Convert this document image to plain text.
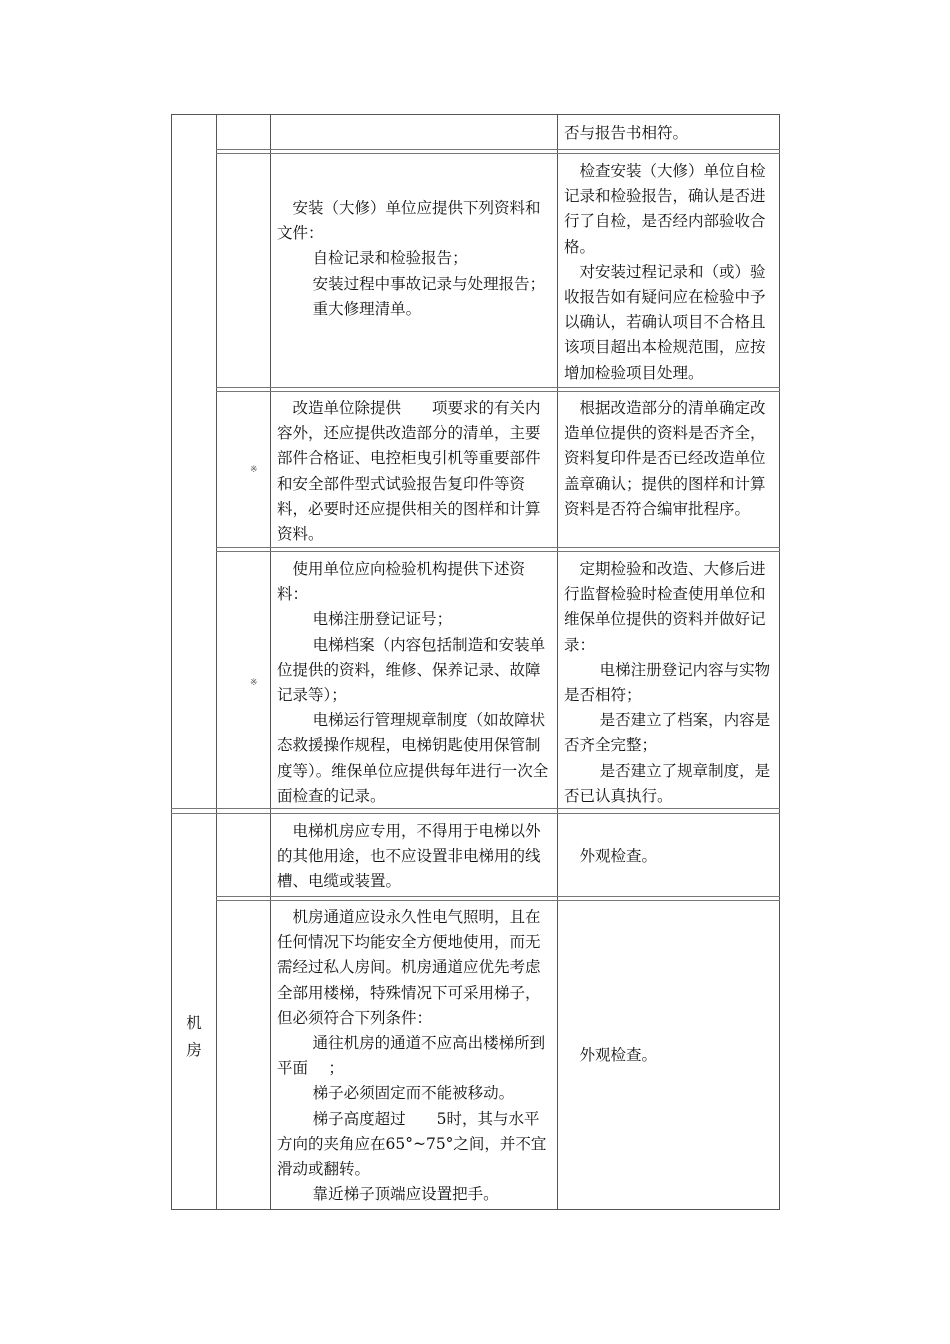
机
房

否与报告书相符。

安装（大修）单位应提供下列资料和文件：

自检记录和检验报告；

安装过程中事故记录与处理报告；

重大修理清单。

检查安装（大修）单位自检记录和检验报告，确认是否进行了自检，是否经内部验收合格。

对安装过程记录和（或）验收报告如有疑问应在检验中予以确认，若确认项目不合格且该项目超出本检规范围，应按增加检验项目处理。

※

改造单位除提供　　项要求的有关内容外，还应提供改造部分的清单，主要部件合格证、电控柜曳引机等重要部件和安全部件型式试验报告复印件等资料，必要时还应提供相关的图样和计算资料。

根据改造部分的清单确定改造单位提供的资料是否齐全，资料复印件是否已经改造单位盖章确认；提供的图样和计算资料是否符合编审批程序。

※

使用单位应向检验机构提供下述资料：

电梯注册登记证号；

电梯档案（内容包括制造和安装单位提供的资料，维修、保养记录、故障记录等）；

电梯运行管理规章制度（如故障状态救援操作规程，电梯钥匙使用保管制度等）。维保单位应提供每年进行一次全面检查的记录。

定期检验和改造、大修后进行监督检验时检查使用单位和维保单位提供的资料并做好记录：

电梯注册登记内容与实物是否相符；

是否建立了档案，内容是否齐全完整；

是否建立了规章制度，是否已认真执行。

电梯机房应专用，不得用于电梯以外的其他用途，也不应设置非电梯用的线槽、电缆或装置。

外观检查。

机房通道应设永久性电气照明，且在任何情况下均能安全方便地使用，而无需经过私人房间。机房通道应优先考虑全部用楼梯，特殊情况下可采用梯子，但必须符合下列条件：

通往机房的通道不应高出楼梯所到平面　 ；

梯子必须固定而不能被移动。

梯子高度超过　　5时，其与水平方向的夹角应在65°~75°之间，并不宜滑动或翻转。

靠近梯子顶端应设置把手。

外观检查。
